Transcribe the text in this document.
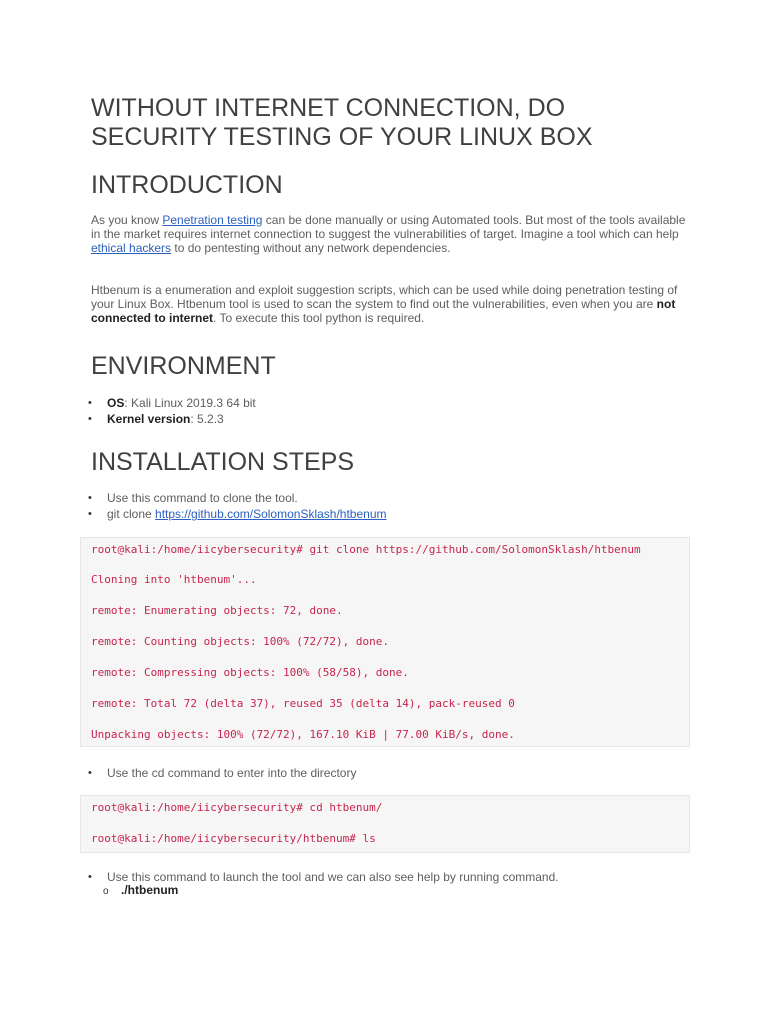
WITHOUT INTERNET CONNECTION, DO SECURITY TESTING OF YOUR LINUX BOX
INTRODUCTION

As you know Penetration testing can be done manually or using Automated tools. But most of the tools available in the market requires internet connection to suggest the vulnerabilities of target. Imagine a tool which can help ethical hackers to do pentesting without any network dependencies.

Htbenum is a enumeration and exploit suggestion scripts, which can be used while doing penetration testing of your Linux Box. Htbenum tool is used to scan the system to find out the vulnerabilities, even when you are not connected to internet. To execute this tool python is required.

ENVIRONMENT
• OS: Kali Linux 2019.3 64 bit
• Kernel version: 5.2.3
INSTALLATION STEPS
• Use this command to clone the tool.
• git clone https://github.com/SolomonSklash/htbenum
root@kali:/home/iicybersecurity# git clone https://github.com/SolomonSklash/htbenum
Cloning into 'htbenum'...
remote: Enumerating objects: 72, done.
remote: Counting objects: 100% (72/72), done.
remote: Compressing objects: 100% (58/58), done.
remote: Total 72 (delta 37), reused 35 (delta 14), pack-reused 0
Unpacking objects: 100% (72/72), 167.10 KiB | 77.00 KiB/s, done.
• Use the cd command to enter into the directory
root@kali:/home/iicybersecurity# cd htbenum/
root@kali:/home/iicybersecurity/htbenum# ls
• Use this command to launch the tool and we can also see help by running command.
o ./htbenum
